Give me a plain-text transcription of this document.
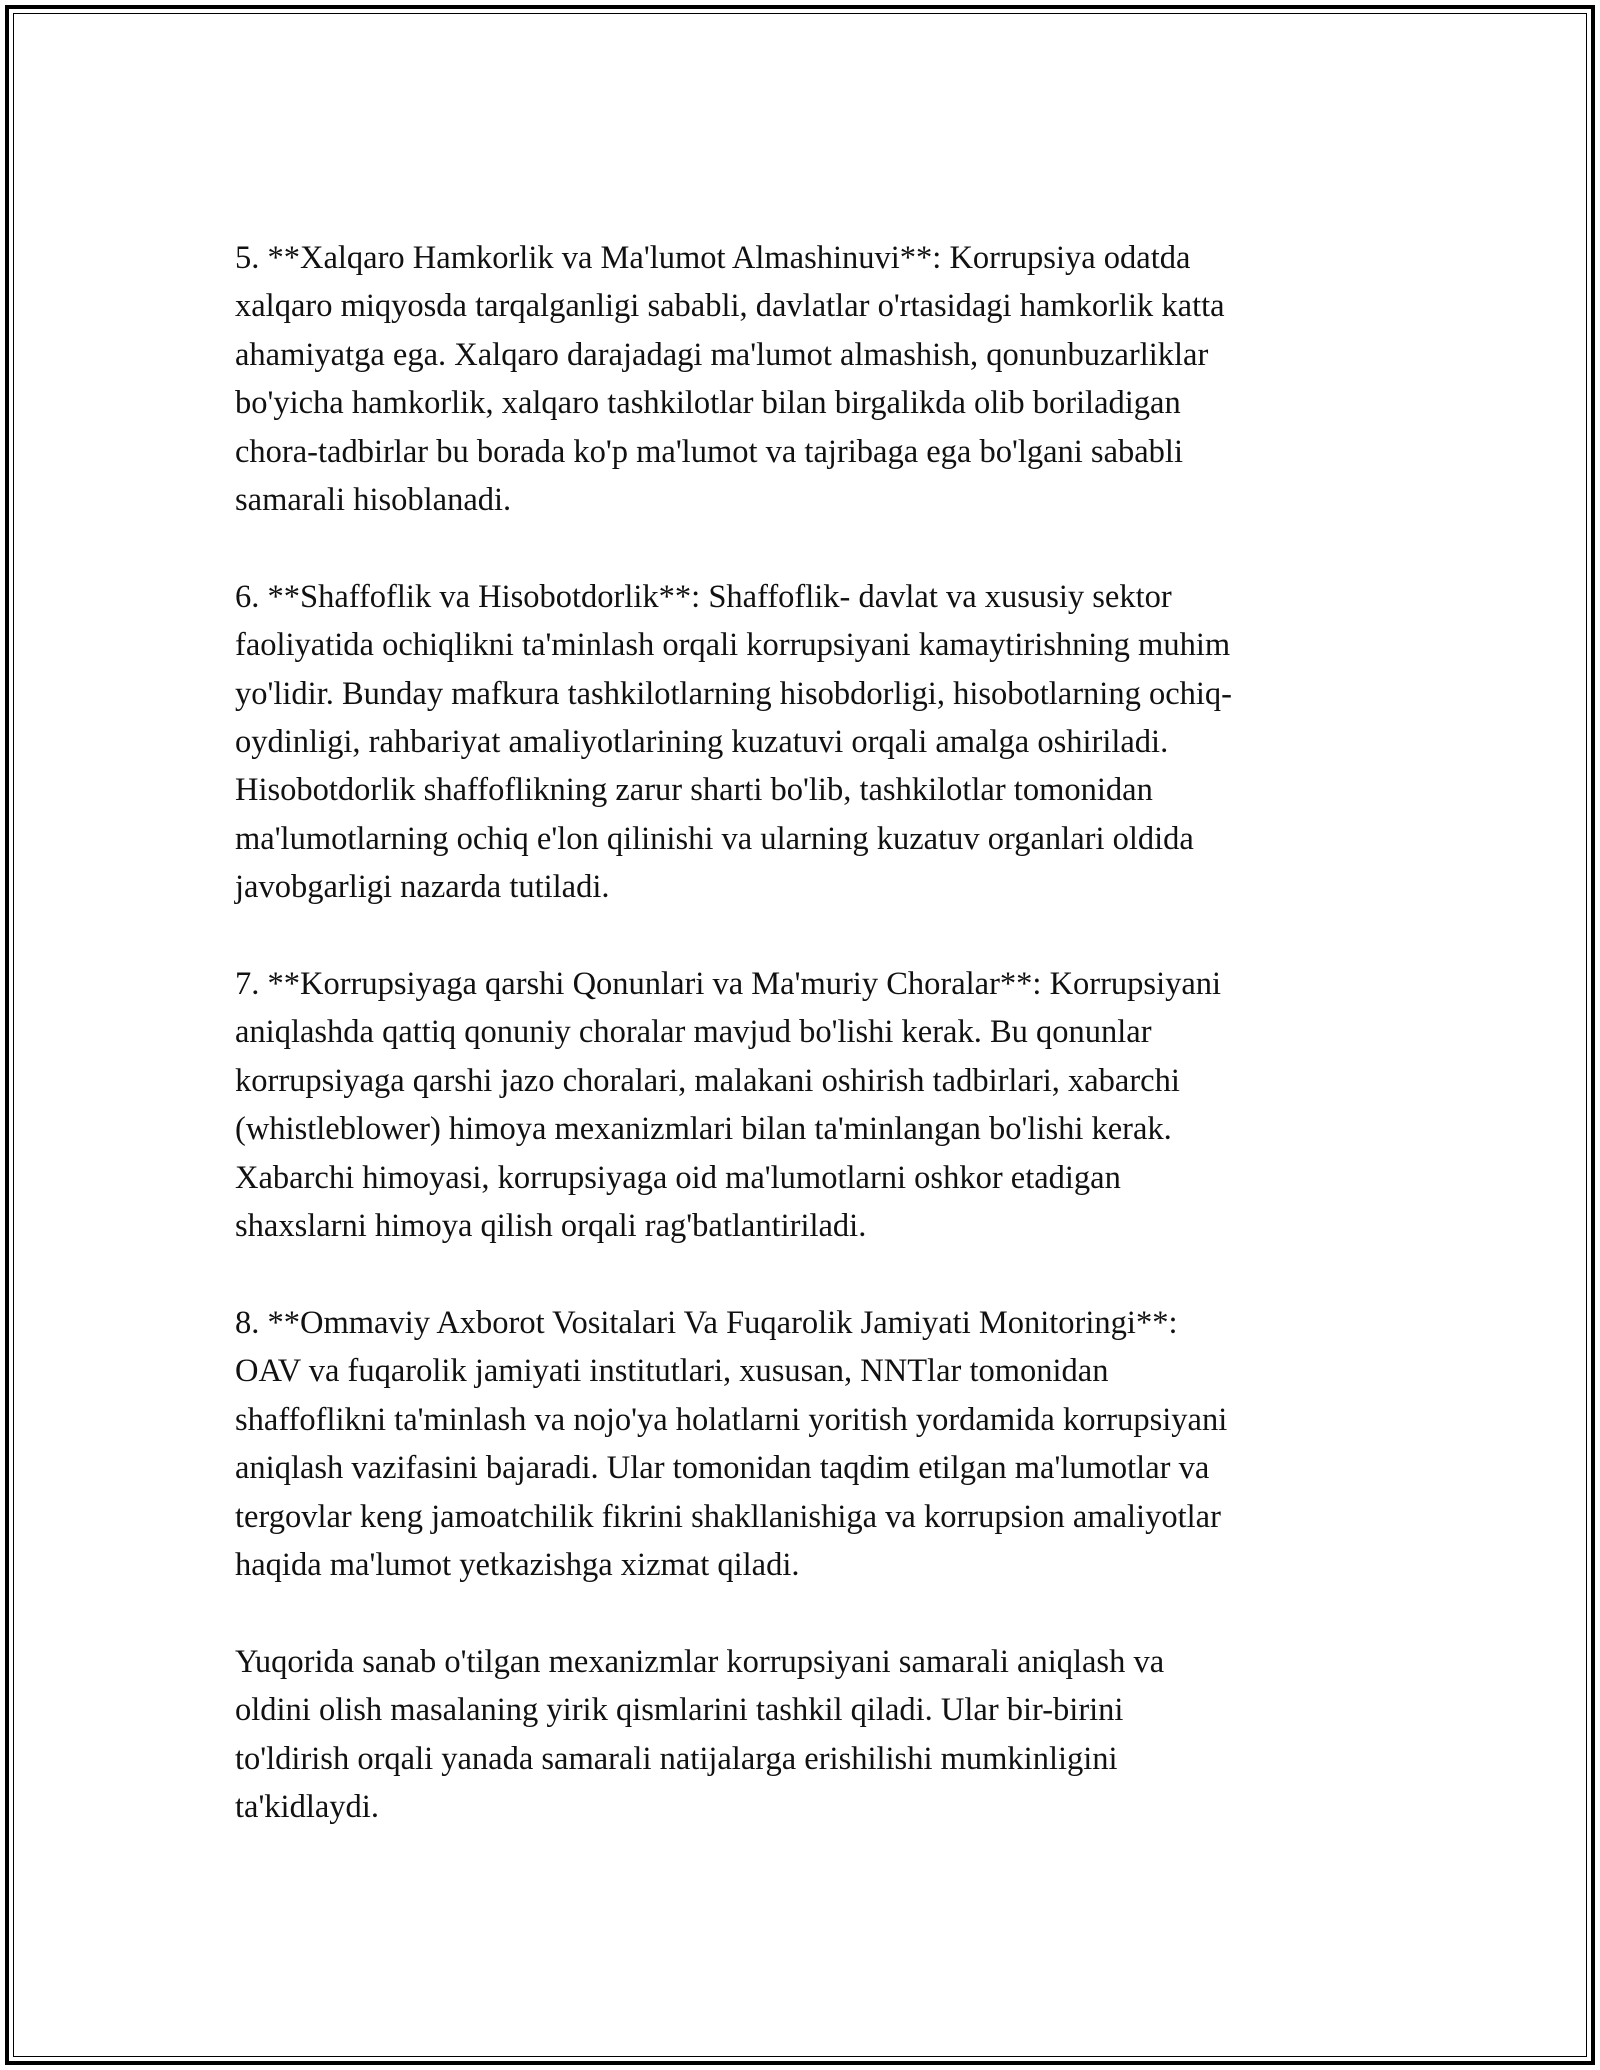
5. **Xalqaro Hamkorlik va Ma'lumot Almashinuvi**: Korrupsiya odatda
xalqaro miqyosda tarqalganligi sababli, davlatlar o'rtasidagi hamkorlik katta
ahamiyatga ega. Xalqaro darajadagi ma'lumot almashish, qonunbuzarliklar
bo'yicha hamkorlik, xalqaro tashkilotlar bilan birgalikda olib boriladigan
chora-tadbirlar bu borada ko'p ma'lumot va tajribaga ega bo'lgani sababli
samarali hisoblanadi.

6. **Shaffoflik va Hisobotdorlik**: Shaffoflik- davlat va xususiy sektor
faoliyatida ochiqlikni ta'minlash orqali korrupsiyani kamaytirishning muhim
yo'lidir. Bunday mafkura tashkilotlarning hisobdorligi, hisobotlarning ochiq-
oydinligi, rahbariyat amaliyotlarining kuzatuvi orqali amalga oshiriladi.
Hisobotdorlik shaffoflikning zarur sharti bo'lib, tashkilotlar tomonidan
ma'lumotlarning ochiq e'lon qilinishi va ularning kuzatuv organlari oldida
javobgarligi nazarda tutiladi.

7. **Korrupsiyaga qarshi Qonunlari va Ma'muriy Choralar**: Korrupsiyani
aniqlashda qattiq qonuniy choralar mavjud bo'lishi kerak. Bu qonunlar
korrupsiyaga qarshi jazo choralari, malakani oshirish tadbirlari, xabarchi
(whistleblower) himoya mexanizmlari bilan ta'minlangan bo'lishi kerak.
Xabarchi himoyasi, korrupsiyaga oid ma'lumotlarni oshkor etadigan
shaxslarni himoya qilish orqali rag'batlantiriladi.

8. **Ommaviy Axborot Vositalari Va Fuqarolik Jamiyati Monitoringi**:
OAV va fuqarolik jamiyati institutlari, xususan, NNTlar tomonidan
shaffoflikni ta'minlash va nojo'ya holatlarni yoritish yordamida korrupsiyani
aniqlash vazifasini bajaradi. Ular tomonidan taqdim etilgan ma'lumotlar va
tergovlar keng jamoatchilik fikrini shakllanishiga va korrupsion amaliyotlar
haqida ma'lumot yetkazishga xizmat qiladi.

Yuqorida sanab o'tilgan mexanizmlar korrupsiyani samarali aniqlash va
oldini olish masalaning yirik qismlarini tashkil qiladi. Ular bir-birini
to'ldirish orqali yanada samarali natijalarga erishilishi mumkinligini
ta'kidlaydi.
